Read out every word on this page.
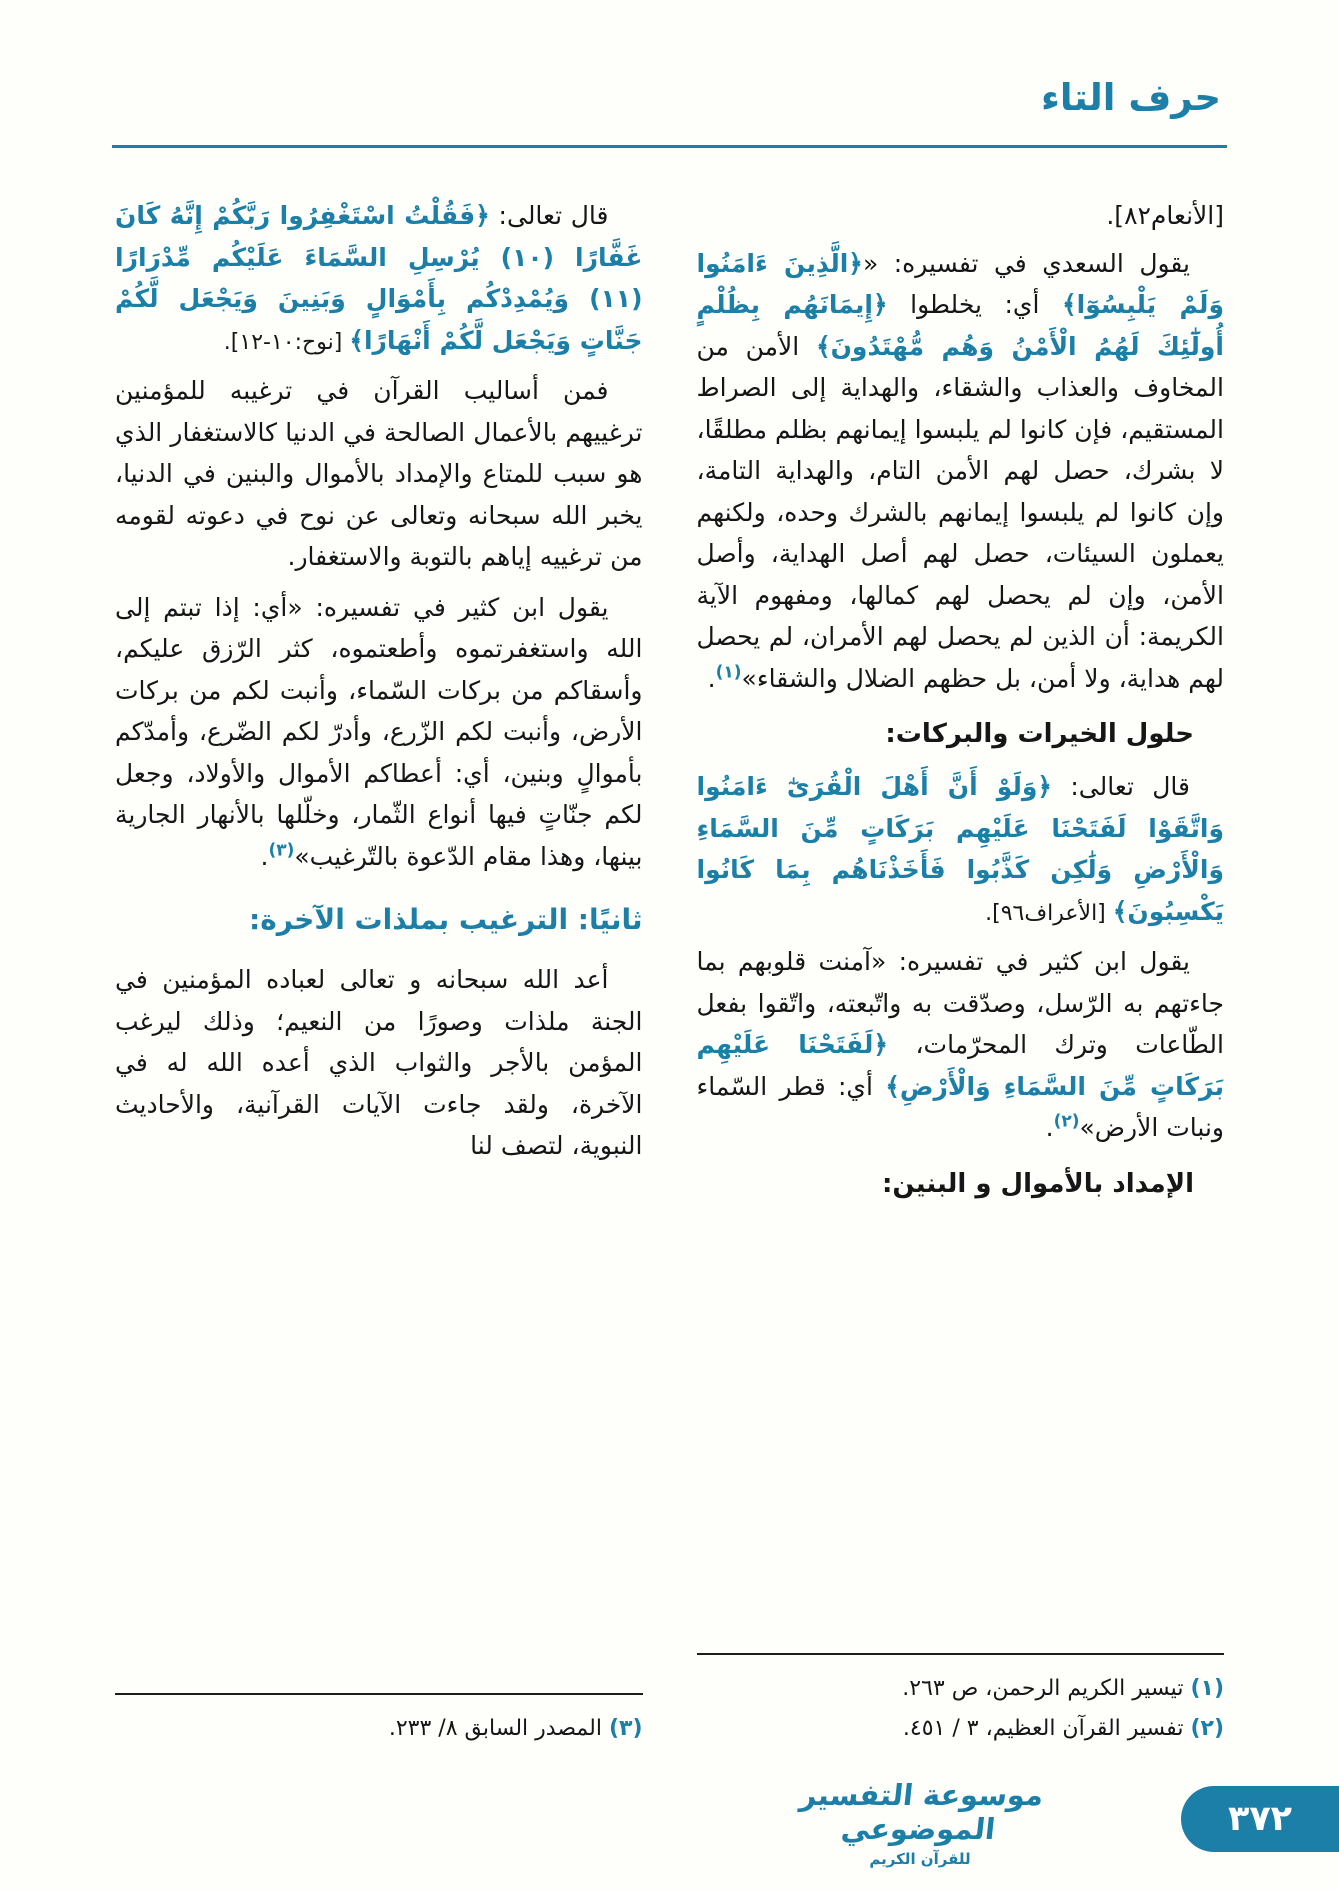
حرف التاء
[الأنعام٨٢].
يقول السعدي في تفسيره: «﴿الَّذِينَ ءَامَنُوا وَلَمْ يَلْبِسُوٓا﴾ أي: يخلطوا ﴿إِيمَانَهُم بِظُلْمٍ أُولَٰٓئِكَ لَهُمُ الْأَمْنُ وَهُم مُّهْتَدُونَ﴾ الأمن من المخاوف والعذاب والشقاء، والهداية إلى الصراط المستقيم، فإن كانوا لم يلبسوا إيمانهم بظلم مطلقًا، لا بشرك، حصل لهم الأمن التام، والهداية التامة، وإن كانوا لم يلبسوا إيمانهم بالشرك وحده، ولكنهم يعملون السيئات، حصل لهم أصل الهداية، وأصل الأمن، وإن لم يحصل لهم كمالها، ومفهوم الآية الكريمة: أن الذين لم يحصل لهم الأمران، لم يحصل لهم هداية، ولا أمن، بل حظهم الضلال والشقاء»$^{(١)}$.
حلول الخيرات والبركات:
قال تعالى: ﴿وَلَوْ أَنَّ أَهْلَ الْقُرَىٰٓ ءَامَنُوا وَاتَّقَوْا لَفَتَحْنَا عَلَيْهِم بَرَكَاتٍ مِّنَ السَّمَاءِ وَالْأَرْضِ وَلَٰكِن كَذَّبُوا فَأَخَذْنَاهُم بِمَا كَانُوا يَكْسِبُونَ﴾ [الأعراف٩٦].
يقول ابن كثير في تفسيره: «آمنت قلوبهم بما جاءتهم به الرّسل، وصدّقت به واتّبعته، واتّقوا بفعل الطّاعات وترك المحرّمات، ﴿لَفَتَحْنَا عَلَيْهِم بَرَكَاتٍ مِّنَ السَّمَاءِ وَالْأَرْضِ﴾ أي: قطر السّماء ونبات الأرض»$^{(٢)}$.
الإمداد بالأموال و البنين:
(١) تيسير الكريم الرحمن، ص ٢٦٣.
(٢) تفسير القرآن العظيم، ٣ / ٤٥١.
قال تعالى: ﴿فَقُلْتُ اسْتَغْفِرُوا رَبَّكُمْ إِنَّهُ كَانَ غَفَّارًا (١٠) يُرْسِلِ السَّمَاءَ عَلَيْكُم مِّدْرَارًا (١١) وَيُمْدِدْكُم بِأَمْوَالٍ وَبَنِينَ وَيَجْعَل لَّكُمْ جَنَّاتٍ وَيَجْعَل لَّكُمْ أَنْهَارًا﴾ [نوح:١٠-١٢].
فمن أساليب القرآن في ترغيبه للمؤمنين ترغييهم بالأعمال الصالحة في الدنيا كالاستغفار الذي هو سبب للمتاع والإمداد بالأموال والبنين في الدنيا، يخبر الله سبحانه وتعالى عن نوح في دعوته لقومه من ترغييه إياهم بالتوبة والاستغفار.
يقول ابن كثير في تفسيره: «أي: إذا تبتم إلى الله واستغفرتموه وأطعتموه، كثر الرّزق عليكم، وأسقاكم من بركات السّماء، وأنبت لكم من بركات الأرض، وأنبت لكم الزّرع، وأدرّ لكم الضّرع، وأمدّكم بأموالٍ وبنين، أي: أعطاكم الأموال والأولاد، وجعل لكم جنّاتٍ فيها أنواع الثّمار، وخلّلها بالأنهار الجارية بينها، وهذا مقام الدّعوة بالتّرغيب»$^{(٣)}$.
ثانيًا: الترغيب بملذات الآخرة:
أعد الله سبحانه و تعالى لعباده المؤمنين في الجنة ملذات وصورًا من النعيم؛ وذلك ليرغب المؤمن بالأجر والثواب الذي أعده الله له في الآخرة، ولقد جاءت الآيات القرآنية، والأحاديث النبوية، لتصف لنا
(٣) المصدر السابق ٨/ ٢٣٣.
موسوعة التفسير الموضوعي
للقرآن الكريم
٣٧٢
